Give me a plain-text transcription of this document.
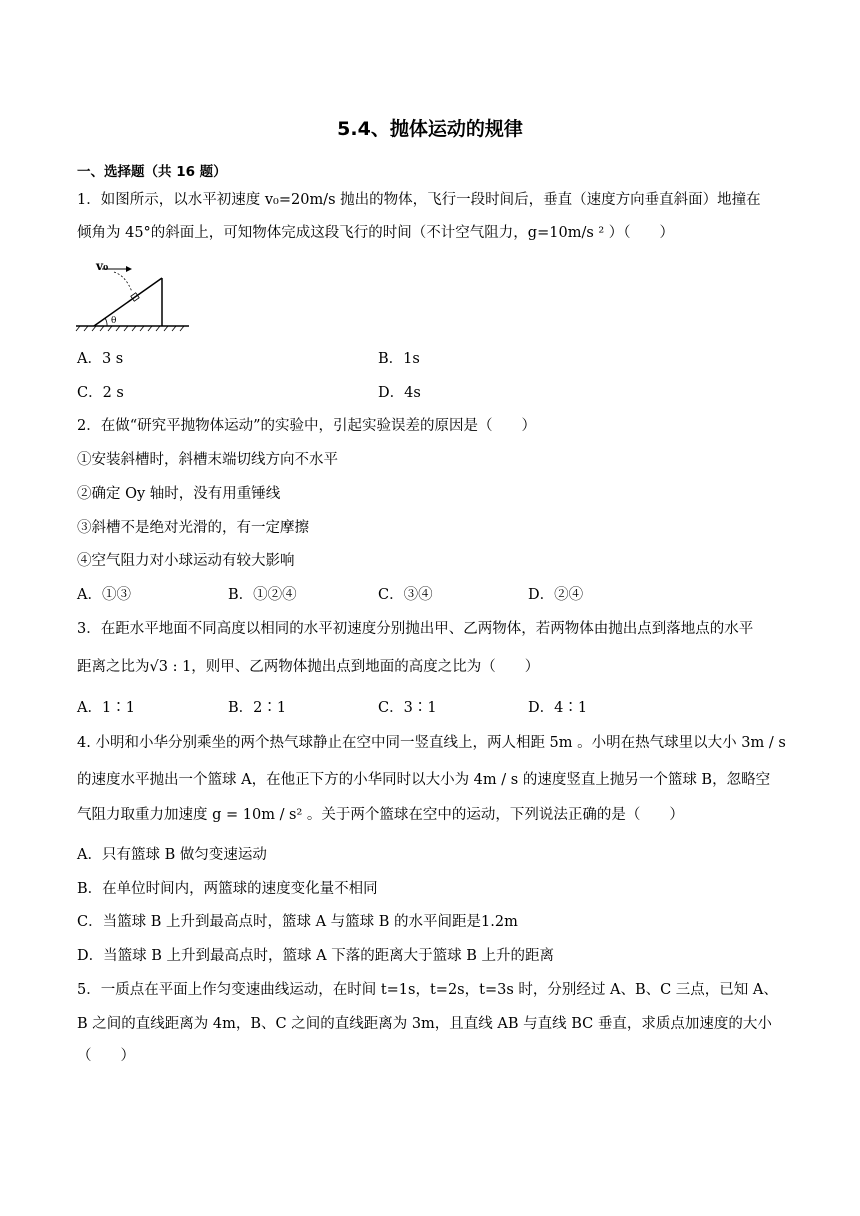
5.4、抛体运动的规律
一、选择题（共 16 题）
1．如图所示，以水平初速度 v₀=20m/s 抛出的物体，飞行一段时间后，垂直（速度方向垂直斜面）地撞在
倾角为 45°的斜面上，可知物体完成这段飞行的时间（不计空气阻力，g=10m/s ² ）（　　）
v₀
θ
A．3 s	B．1s
C．2 s	D．4s
2．在做“研究平抛物体运动”的实验中，引起实验误差的原因是（　　）
①安装斜槽时，斜槽末端切线方向不水平
②确定 Oy 轴时，没有用重锤线
③斜槽不是绝对光滑的，有一定摩擦
④空气阻力对小球运动有较大影响
A．①③	B．①②④	C．③④	D．②④
3．在距水平地面不同高度以相同的水平初速度分别抛出甲、乙两物体，若两物体由抛出点到落地点的水平
距离之比为√3 : 1，则甲、乙两物体抛出点到地面的高度之比为（　　）
A．1∶1	B．2∶1	C．3∶1	D．4∶1
4. 小明和小华分别乘坐的两个热气球静止在空中同一竖直线上，两人相距 5m 。小明在热气球里以大小 3m / s
的速度水平抛出一个篮球 A，在他正下方的小华同时以大小为 4m / s 的速度竖直上抛另一个篮球 B，忽略空
气阻力取重力加速度 g = 10m / s² 。关于两个篮球在空中的运动，下列说法正确的是（　　）
A．只有篮球 B 做匀变速运动
B．在单位时间内，两篮球的速度变化量不相同
C．当篮球 B 上升到最高点时，篮球 A 与篮球 B 的水平间距是1.2m
D．当篮球 B 上升到最高点时，篮球 A 下落的距离大于篮球 B 上升的距离
5．一质点在平面上作匀变速曲线运动，在时间 t=1s，t=2s，t=3s 时，分别经过 A、B、C 三点，已知 A、
B 之间的直线距离为 4m，B、C 之间的直线距离为 3m，且直线 AB 与直线 BC 垂直，求质点加速度的大小
（　　）
